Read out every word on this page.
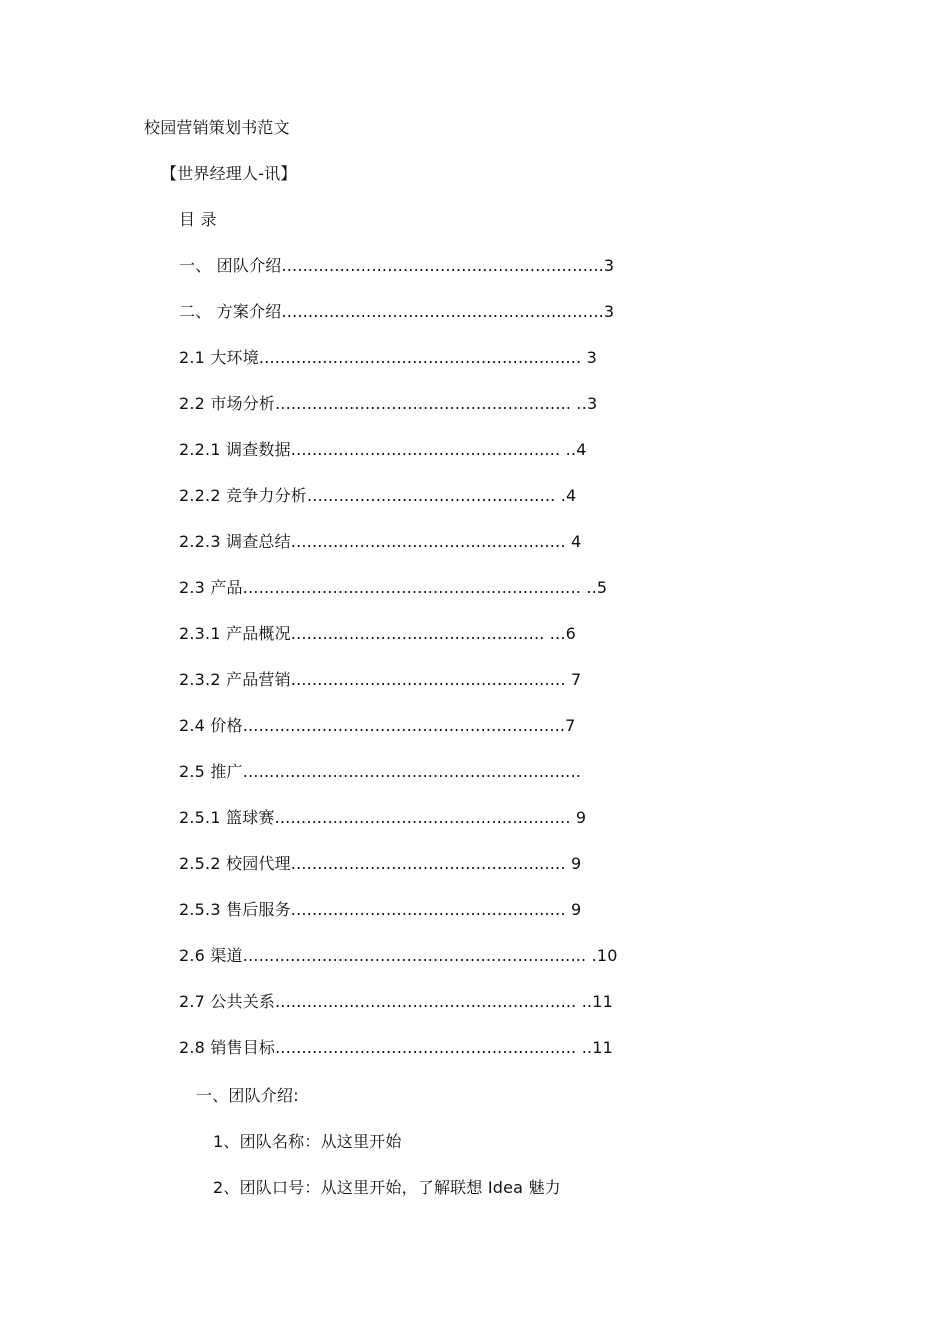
校园营销策划书范文
【世界经理人-讯】
目 录
一、 团队介绍.............................................................3
二、 方案介绍.............................................................3
2.1 大环境............................................................. 3
2.2 市场分析........................................................ ..3
2.2.1 调查数据................................................... ..4
2.2.2 竞争力分析............................................... .4
2.2.3 调查总结.................................................... 4
2.3 产品................................................................ ..5
2.3.1 产品概况................................................ ...6
2.3.2 产品营销.................................................... 7
2.4 价格.............................................................7
2.5 推广................................................................
2.5.1 篮球赛........................................................ 9
2.5.2 校园代理.................................................... 9
2.5.3 售后服务.................................................... 9
2.6 渠道................................................................. .10
2.7 公共关系......................................................... ..11
2.8 销售目标......................................................... ..11
一、团队介绍:
1、团队名称：从这里开始
2、团队口号：从这里开始，了解联想 Idea 魅力
